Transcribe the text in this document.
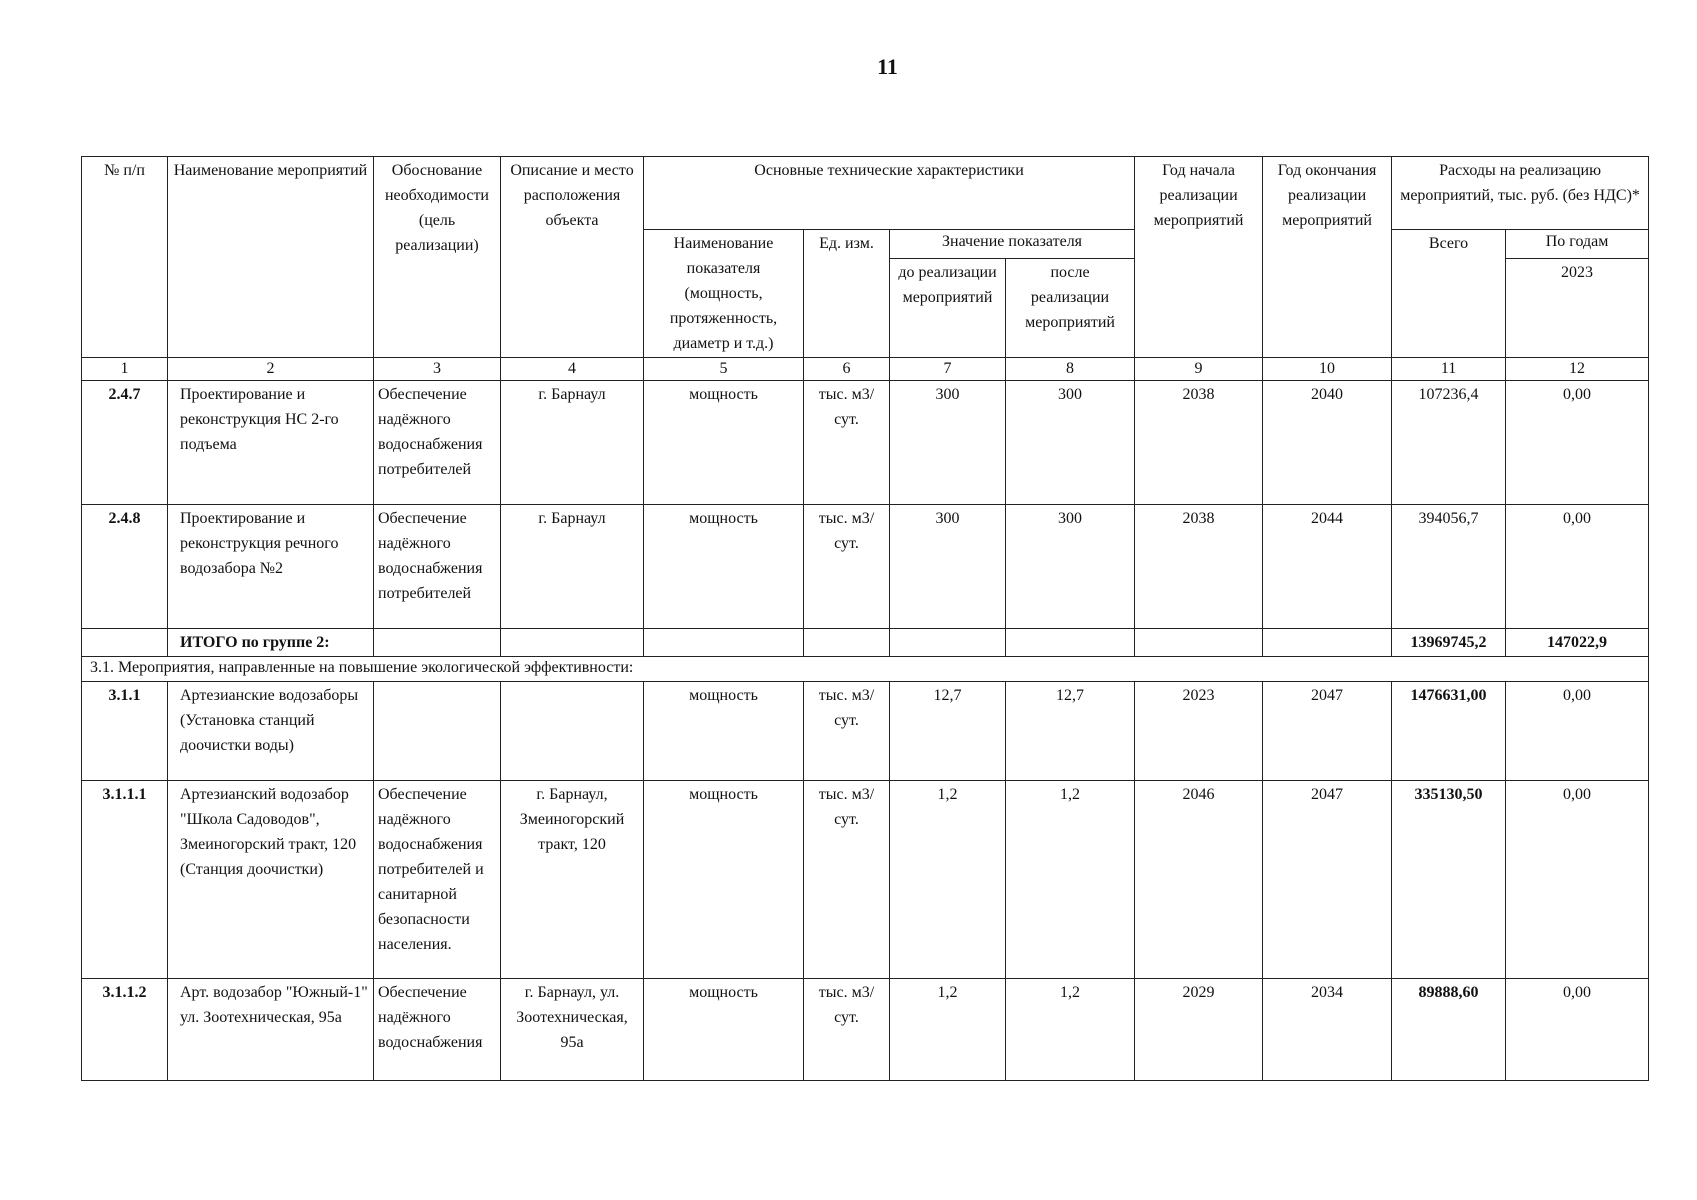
11
№ п/п	Наименование мероприятий	Обоснование необходимости (цель реализации)	Описание и место расположения объекта	Основные технические характеристики				Год начала реализации мероприятий	Год окончания реализации мероприятий	Расходы на реализацию мероприятий, тыс. руб. (без НДС)*	
				Наименование показателя (мощность, протяженность, диаметр и т.д.)	Ед. изм.	Значение показателя				Всего	По годам
						до реализации мероприятий	после реализации мероприятий				2023
1	2	3	4	5	6	7	8	9	10	11	12
2.4.7	Проектирование и реконструкция НС 2-го подъема	Обеспечение надёжного водоснабжения потребителей	г. Барнаул	мощность	тыс. м3/сут.	300	300	2038	2040	107236,4	0,00
2.4.8	Проектирование и реконструкция речного водозабора №2	Обеспечение надёжного водоснабжения потребителей	г. Барнаул	мощность	тыс. м3/сут.	300	300	2038	2044	394056,7	0,00
	ИТОГО по группе 2:									13969745,2	147022,9
3.1. Мероприятия, направленные на повышение экологической эффективности:											
3.1.1	Артезианские водозаборы (Установка станций доочистки воды)			мощность	тыс. м3/сут.	12,7	12,7	2023	2047	1476631,00	0,00
3.1.1.1	Артезианский водозабор "Школа Садоводов", Змеиногорский тракт, 120 (Станция доочистки)	Обеспечение надёжного водоснабжения потребителей и санитарной безопасности населения.	г. Барнаул, Змеиногорский тракт, 120	мощность	тыс. м3/сут.	1,2	1,2	2046	2047	335130,50	0,00
3.1.1.2	Арт. водозабор "Южный-1" ул. Зоотехническая, 95а	Обеспечение надёжного водоснабжения	г. Барнаул, ул. Зоотехническая, 95а	мощность	тыс. м3/сут.	1,2	1,2	2029	2034	89888,60	0,00
